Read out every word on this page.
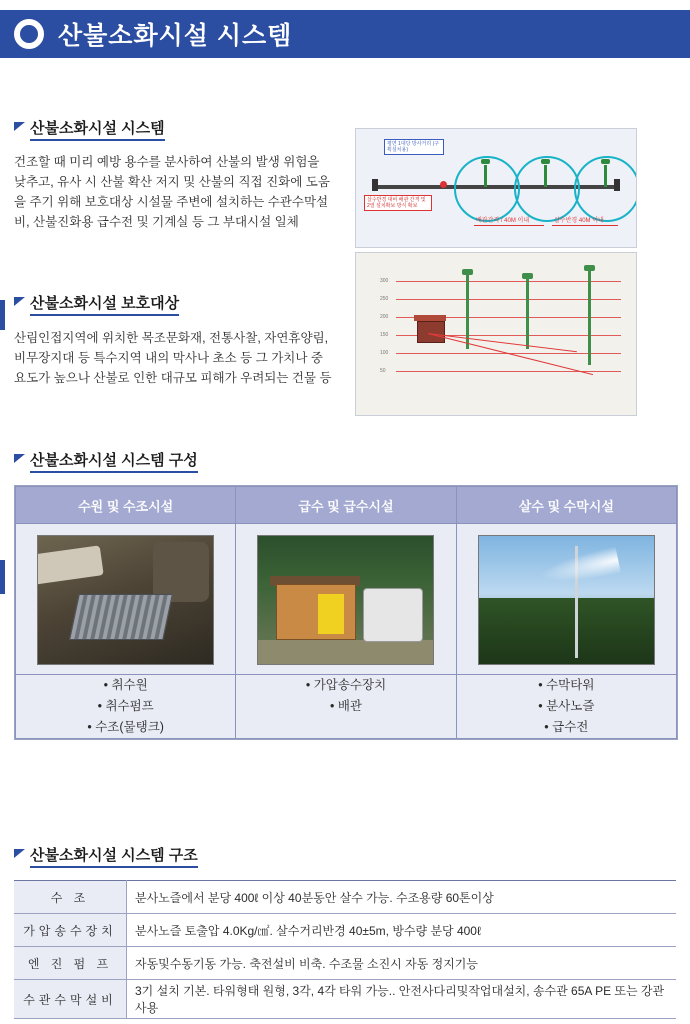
산불소화시설 시스템
산불소화시설 시스템
건조할 때 미리 예방 용수를 분사하여 산불의 발생 위험을 낮추고, 유사 시 산불 확산 저지 및 산불의 직접 진화에 도움을 주기 위해 보호대상 시설물 주변에 설치하는 수관수막설비, 산불진화용 급수전 및 기계실 등 그 부대시설 일체
산불소화시설 보호대상
산림인접지역에 위치한 목조문화재, 전통사찰, 자연휴양림, 비무장지대 등 특수지역 내의 막사나 초소 등 그 가치나 중요도가 높으나 산불로 인한 대규모 피해가 우려되는 건물 등
평면 1대당 방사거리 (구획설치용)
살수반경 대비 배관 간격 및 2열 설치확보 방식 확보
배관간격 / 40M 이내	살수반경 40M 이내
300
250
200
150
100
50
산불소화시설 시스템 구성
수원 및 수조시설	급수 및 급수시설	살수 및 수막시설

• 취수원
• 취수펌프
• 수조(물탱크)

• 가압송수장치
• 배관

• 수막타워
• 분사노즐
• 급수전
산불소화시설 시스템 구조
수 조	분사노즐에서 분당 400ℓ 이상 40분동안 살수 가능. 수조용량 60톤이상
가압송수장치	분사노즐 토출압 4.0Kg/㎠. 살수거리반경 40±5m, 방수량 분당 400ℓ
엔 진 펌 프	자동및수동기동 가능. 축전설비 비축. 수조물 소진시 자동 정지기능
수관수막설비	3기 설치 기본. 타워형태 원형, 3각, 4각 타워 가능.. 안전사다리및작업대설치, 송수관 65A PE 또는 강관 사용
